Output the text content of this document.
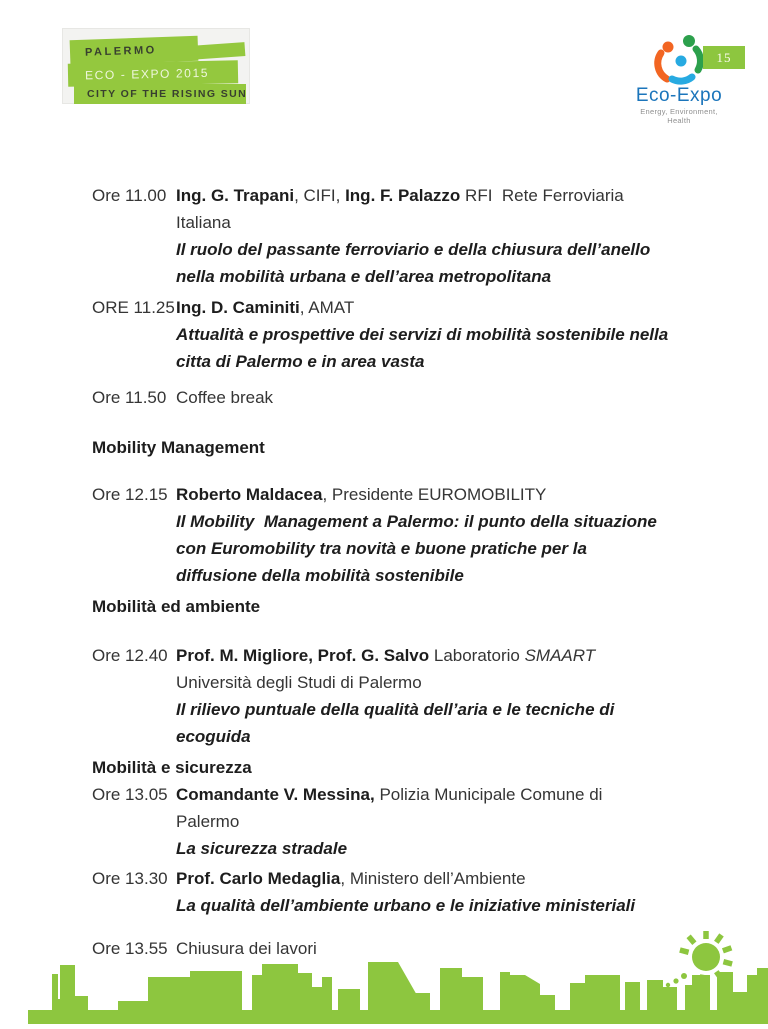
PALERMO
ECO - EXPO 2015
CITY OF THE RISING SUN	Eco-Expo
Energy, Environment, Health
15
Ore 11.00 Ing. G. Trapani, CIFI, Ing. F. Palazzo RFI  Rete Ferroviaria
Italiana
Il ruolo del passante ferroviario e della chiusura dell’anello
nella mobilità urbana e dell’area metropolitana
ORE 11.25 Ing. D. Caminiti, AMAT
Attualità e prospettive dei servizi di mobilità sostenibile nella
citta di Palermo e in area vasta
Ore 11.50 Coffee break
Mobility Management
Ore 12.15 Roberto Maldacea, Presidente EUROMOBILITY
Il Mobility  Management a Palermo: il punto della situazione
con Euromobility tra novità e buone pratiche per la
diffusione della mobilità sostenibile
Mobilità ed ambiente
Ore 12.40 Prof. M. Migliore, Prof. G. Salvo Laboratorio SMAART
Università degli Studi di Palermo
Il rilievo puntuale della qualità dell’aria e le tecniche di
ecoguida
Mobilità e sicurezza
Ore 13.05 Comandante V. Messina, Polizia Municipale Comune di
Palermo
La sicurezza stradale
Ore 13.30 Prof. Carlo Medaglia, Ministero dell’Ambiente
La qualità dell’ambiente urbano e le iniziative ministeriali
Ore 13.55 Chiusura dei lavori
